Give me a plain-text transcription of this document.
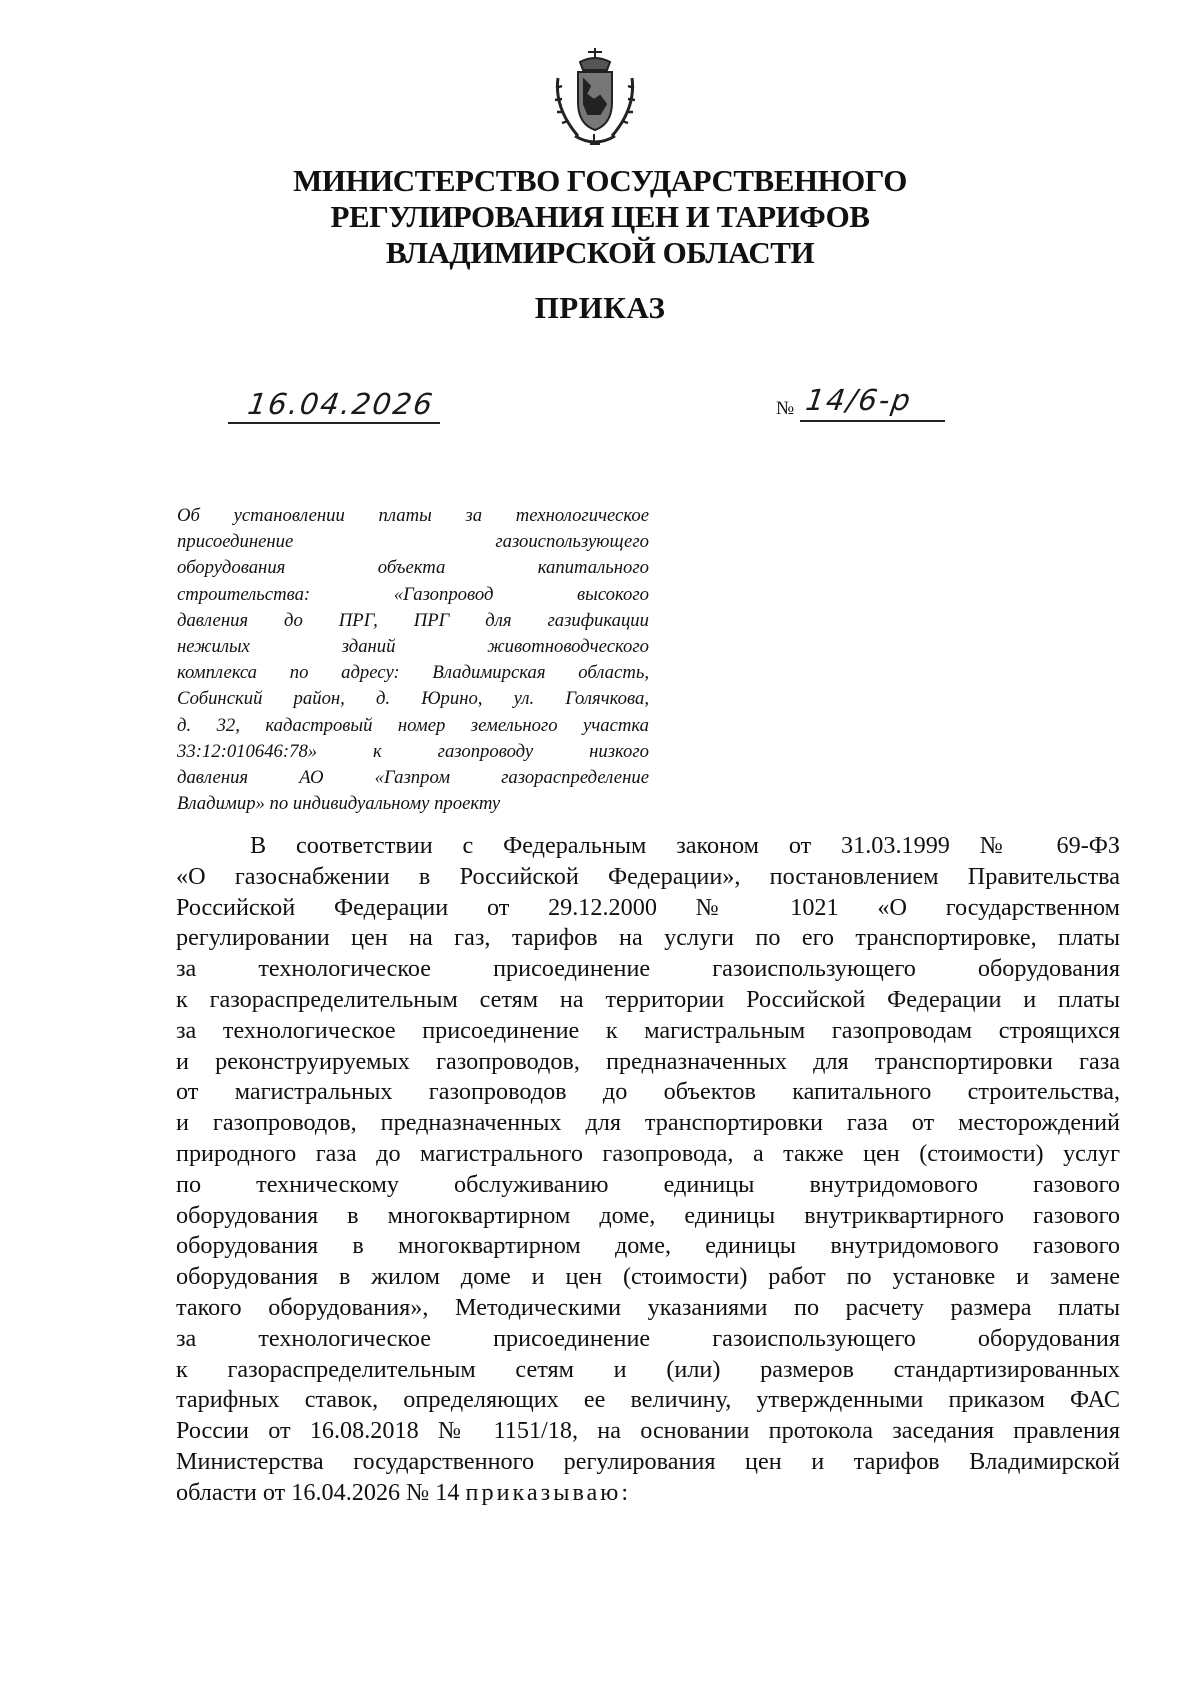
МИНИСТЕРСТВО ГОСУДАРСТВЕННОГО
РЕГУЛИРОВАНИЯ ЦЕН И ТАРИФОВ
ВЛАДИМИРСКОЙ ОБЛАСТИ
ПРИКАЗ
16.04.2026	№ 14/6-р
Об установлении платы за технологическое
присоединение газоиспользующего
оборудования объекта капитального
строительства: «Газопровод высокого
давления до ПРГ, ПРГ для газификации
нежилых зданий животноводческого
комплекса по адресу: Владимирская область,
Собинский район, д. Юрино, ул. Голячкова,
д. 32, кадастровый номер земельного участка
33:12:010646:78» к газопроводу низкого
давления АО «Газпром газораспределение
Владимир» по индивидуальному проекту
В соответствии с Федеральным законом от 31.03.1999 № 69-ФЗ
«О газоснабжении в Российской Федерации», постановлением Правительства
Российской Федерации от 29.12.2000 № 1021 «О государственном
регулировании цен на газ, тарифов на услуги по его транспортировке, платы
за технологическое присоединение газоиспользующего оборудования
к газораспределительным сетям на территории Российской Федерации и платы
за технологическое присоединение к магистральным газопроводам строящихся
и реконструируемых газопроводов, предназначенных для транспортировки газа
от магистральных газопроводов до объектов капитального строительства,
и газопроводов, предназначенных для транспортировки газа от месторождений
природного газа до магистрального газопровода, а также цен (стоимости) услуг
по техническому обслуживанию единицы внутридомового газового
оборудования в многоквартирном доме, единицы внутриквартирного газового
оборудования в многоквартирном доме, единицы внутридомового газового
оборудования в жилом доме и цен (стоимости) работ по установке и замене
такого оборудования», Методическими указаниями по расчету размера платы
за технологическое присоединение газоиспользующего оборудования
к газораспределительным сетям и (или) размеров стандартизированных
тарифных ставок, определяющих ее величину, утвержденными приказом ФАС
России от 16.08.2018 № 1151/18, на основании протокола заседания правления
Министерства государственного регулирования цен и тарифов Владимирской
области от 16.04.2026 № 14 приказываю:
